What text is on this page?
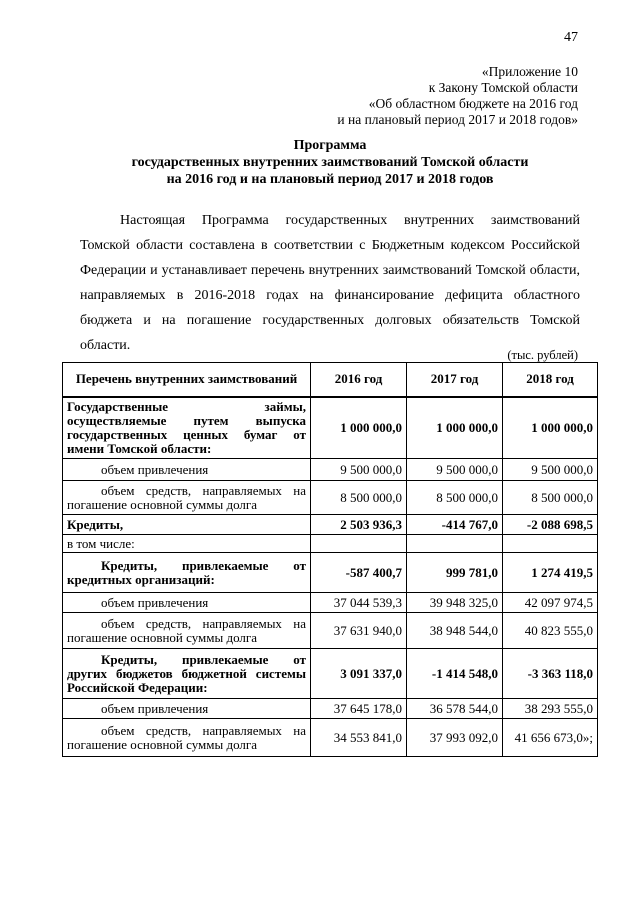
47
«Приложение 10
к Закону Томской области
«Об областном бюджете на 2016 год
и на плановый период 2017 и 2018 годов»
Программа
государственных внутренних заимствований Томской области
на 2016 год и на плановый период 2017 и 2018 годов

Настоящая Программа государственных внутренних заимствований Томской области составлена в соответствии с Бюджетным кодексом Российской Федерации и устанавливает перечень внутренних заимствований Томской области, направляемых в 2016-2018 годах на финансирование дефицита областного бюджета и на погашение государственных долговых обязательств Томской области.

(тыс. рублей)
Перечень внутренних заимствований	2016 год	2017 год	2018 год
Государственные займы, осуществляемые путем выпуска государственных ценных бумаг от имени Томской области:	1 000 000,0	1 000 000,0	1 000 000,0
объем привлечения	9 500 000,0	9 500 000,0	9 500 000,0
объем средств, направляемых на погашение основной суммы долга	8 500 000,0	8 500 000,0	8 500 000,0
Кредиты,	2 503 936,3	-414 767,0	-2 088 698,5
в том числе:			
Кредиты, привлекаемые от кредитных организаций:	-587 400,7	999 781,0	1 274 419,5
объем привлечения	37 044 539,3	39 948 325,0	42 097 974,5
объем средств, направляемых на погашение основной суммы долга	37 631 940,0	38 948 544,0	40 823 555,0
Кредиты, привлекаемые от других бюджетов бюджетной системы Российской Федерации:	3 091 337,0	-1 414 548,0	-3 363 118,0
объем привлечения	37 645 178,0	36 578 544,0	38 293 555,0
объем средств, направляемых на погашение основной суммы долга	34 553 841,0	37 993 092,0	41 656 673,0»;
